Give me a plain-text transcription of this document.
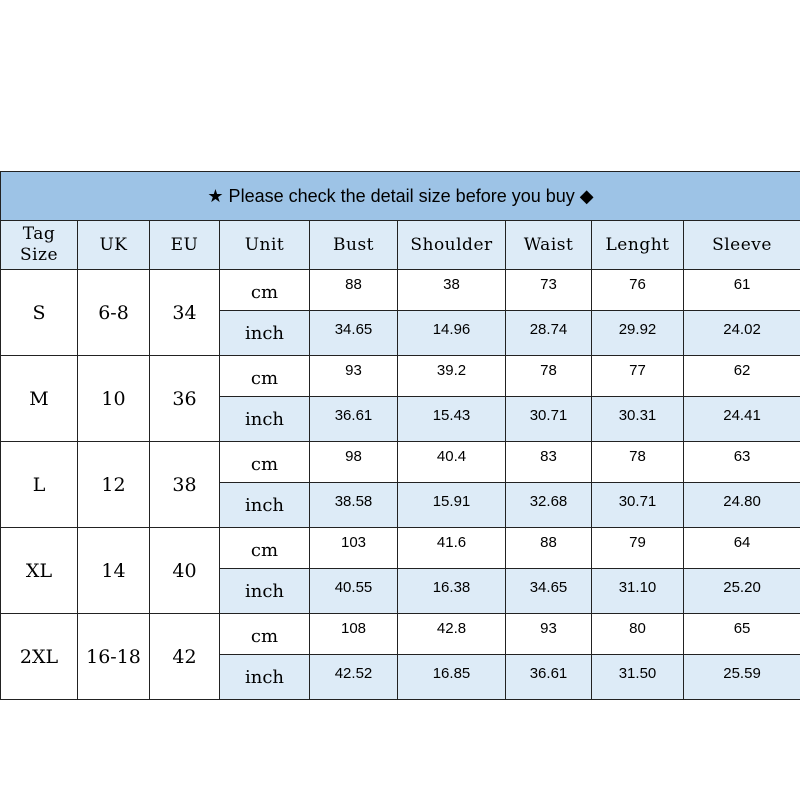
★ Please check the detail size before you buy ◆								
Tag
Size	UK	EU	Unit	Bust	Shoulder	Waist	Lenght	Sleeve
S	6-8	34	cm	88	38	73	76	61
			inch	34.65	14.96	28.74	29.92	24.02
M	10	36	cm	93	39.2	78	77	62
			inch	36.61	15.43	30.71	30.31	24.41
L	12	38	cm	98	40.4	83	78	63
			inch	38.58	15.91	32.68	30.71	24.80
XL	14	40	cm	103	41.6	88	79	64
			inch	40.55	16.38	34.65	31.10	25.20
2XL	16-18	42	cm	108	42.8	93	80	65
			inch	42.52	16.85	36.61	31.50	25.59
